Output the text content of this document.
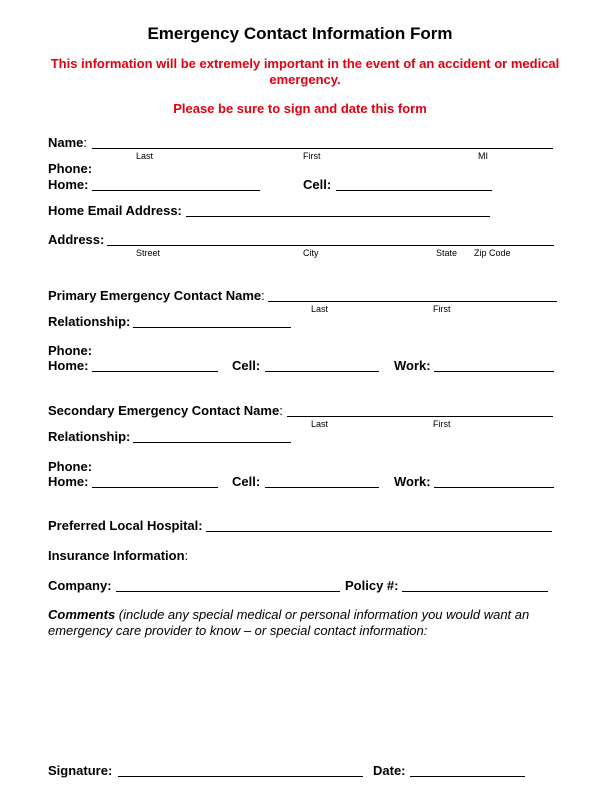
Emergency Contact Information Form
This information will be extremely important in the event of an accident or medical emergency.
Please be sure to sign and date this form
Name:
Last	First	MI
Phone:
Home:	Cell:
Home Email Address:
Address:
Street	City	State Zip Code
Primary Emergency Contact Name:
Last	First
Relationship:
Phone:
Home:	Cell:	Work:
Secondary Emergency Contact Name:
Last	First
Relationship:
Phone:
Home:	Cell:	Work:
Preferred Local Hospital:
Insurance Information:
Company:	Policy #:
Comments (include any special medical or personal information you would want an emergency care provider to know – or special contact information:
Signature:	Date:
